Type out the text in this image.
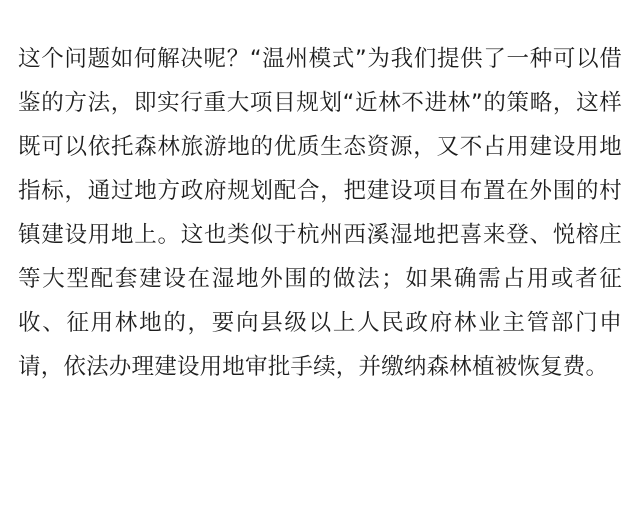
这个问题如何解决呢？“温州模式”为我们提供了一种可以借鉴的方法，即实行重大项目规划“近林不进林”的策略，这样既可以依托森林旅游地的优质生态资源，又不占用建设用地指标，通过地方政府规划配合，把建设项目布置在外围的村镇建设用地上。这也类似于杭州西溪湿地把喜来登、悦榕庄等大型配套建设在湿地外围的做法；如果确需占用或者征收、征用林地的，要向县级以上人民政府林业主管部门申请，依法办理建设用地审批手续，并缴纳森林植被恢复费。
